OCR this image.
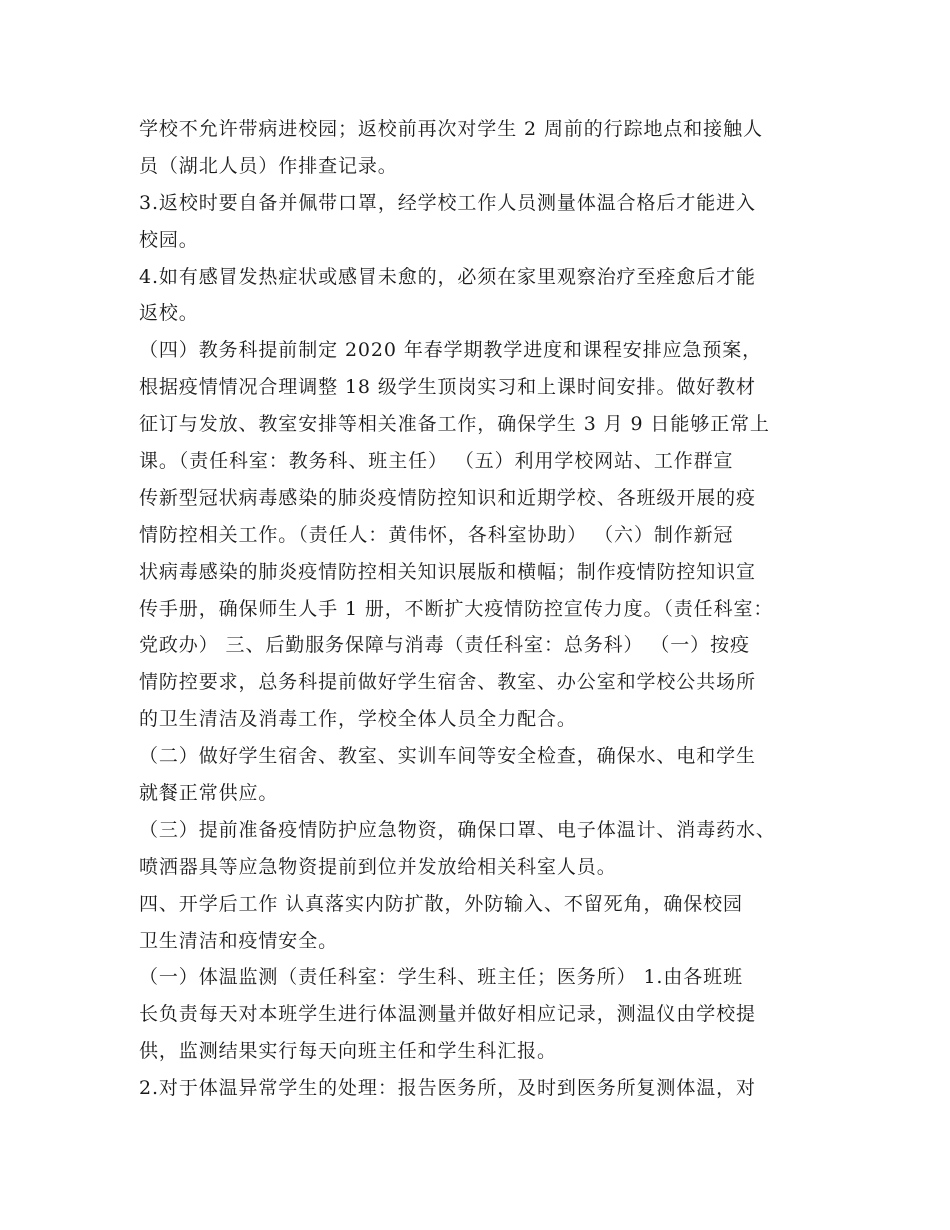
学校不允许带病进校园；返校前再次对学生 2 周前的行踪地点和接触人
员（湖北人员）作排查记录。
3.返校时要自备并佩带口罩，经学校工作人员测量体温合格后才能进入
校园。
4.如有感冒发热症状或感冒未愈的，必须在家里观察治疗至痊愈后才能
返校。
（四）教务科提前制定 2020 年春学期教学进度和课程安排应急预案，
根据疫情情况合理调整 18 级学生顶岗实习和上课时间安排。做好教材
征订与发放、教室安排等相关准备工作，确保学生 3 月 9 日能够正常上
课。（责任科室：教务科、班主任） （五）利用学校网站、工作群宣
传新型冠状病毒感染的肺炎疫情防控知识和近期学校、各班级开展的疫
情防控相关工作。（责任人：黄伟怀，各科室协助） （六）制作新冠
状病毒感染的肺炎疫情防控相关知识展版和横幅；制作疫情防控知识宣
传手册，确保师生人手 1 册，不断扩大疫情防控宣传力度。（责任科室：
党政办） 三、后勤服务保障与消毒（责任科室：总务科） （一）按疫
情防控要求，总务科提前做好学生宿舍、教室、办公室和学校公共场所
的卫生清洁及消毒工作，学校全体人员全力配合。
（二）做好学生宿舍、教室、实训车间等安全检查，确保水、电和学生
就餐正常供应。
（三）提前准备疫情防护应急物资，确保口罩、电子体温计、消毒药水、
喷洒器具等应急物资提前到位并发放给相关科室人员。
四、开学后工作 认真落实内防扩散，外防输入、不留死角，确保校园
卫生清洁和疫情安全。
（一）体温监测（责任科室：学生科、班主任；医务所） 1.由各班班
长负责每天对本班学生进行体温测量并做好相应记录，测温仪由学校提
供，监测结果实行每天向班主任和学生科汇报。
2.对于体温异常学生的处理：报告医务所，及时到医务所复测体温，对
